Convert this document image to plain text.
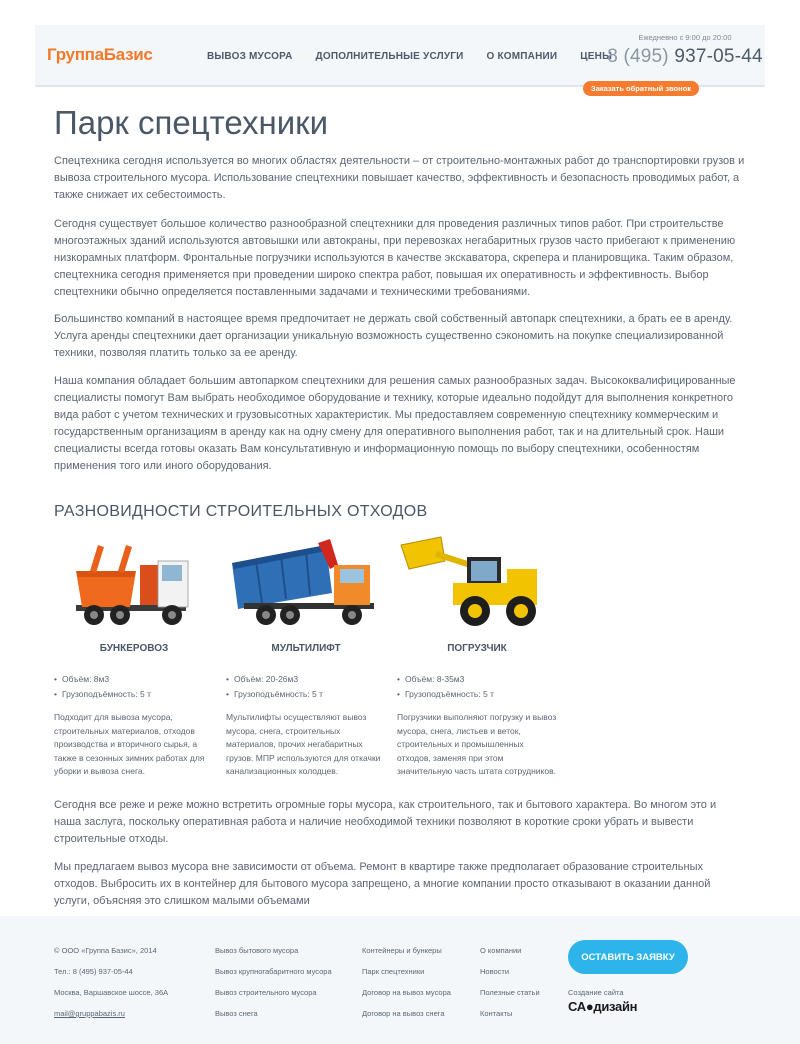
ГруппаБазис	ВЫВОЗ МУСОРА ДОПОЛНИТЕЛЬНЫЕ УСЛУГИ О КОМПАНИИ ЦЕНЫ
Ежедневно с 9:00 до 20:00
8 (495) 937-05-44
Заказать обратный звонок
Парк спецтехники

Спецтехника сегодня используется во многих областях деятельности – от строительно-монтажных работ до транспортировки грузов и вывоза строительного мусора. Использование спецтехники повышает качество, эффективность и безопасность проводимых работ, а также снижает их себестоимость.

Сегодня существует большое количество разнообразной спецтехники для проведения различных типов работ. При строительстве многоэтажных зданий используются автовышки или автокраны, при перевозках негабаритных грузов часто прибегают к применению низкорамных платформ. Фронтальные погрузчики используются в качестве экскаватора, скрепера и планировщика. Таким образом, спецтехника сегодня применяется при проведении широко спектра работ, повышая их оперативность и эффективность. Выбор спецтехники обычно определяется поставленными задачами и техническими требованиями.

Большинство компаний в настоящее время предпочитает не держать свой собственный автопарк спецтехники, а брать ее в аренду. Услуга аренды спецтехники дает организации уникальную возможность существенно сэкономить на покупке специализированной техники, позволяя платить только за ее аренду.

Наша компания обладает большим автопарком спецтехники для решения самых разнообразных задач. Высококвалифицированные специалисты помогут Вам выбрать необходимое оборудование и технику, которые идеально подойдут для выполнения конкретного вида работ с учетом технических и грузовысотных характеристик. Мы предоставляем современную спецтехнику коммерческим и государственным организациям в аренду как на одну смену для оперативного выполнения работ, так и на длительный срок. Наши специалисты всегда готовы оказать Вам консультативную и информационную помощь по выбору спецтехники, особенностям применения того или иного оборудования.

РАЗНОВИДНОСТИ СТРОИТЕЛЬНЫХ ОТХОДОВ
БУНКЕРОВОЗ
• Объём: 8м3
• Грузоподъёмность: 5 т
Подходит для вывоза мусора, строительных материалов, отходов производства и вторичного сырья, а также в сезонных зимних работах для уборки и вывоза снега.
МУЛЬТИЛИФТ
• Объём: 20-26м3
• Грузоподъёмность: 5 т
Мультилифты осуществляют вывоз мусора, снега, строительных материалов, прочих негабаритных грузов. МПР используются для откачки канализационных колодцев.
ПОГРУЗЧИК
• Объём: 8-35м3
• Грузоподъёмность: 5 т
Погрузчики выполняют погрузку и вывоз мусора, снега, листьев и веток, строительных и промышленных отходов, заменяя при этом значительную часть штата сотрудников.

Сегодня все реже и реже можно встретить огромные горы мусора, как строительного, так и бытового характера. Во многом это и наша заслуга, поскольку оперативная работа и наличие необходимой техники позволяют в короткие сроки убрать и вывести строительные отходы.

Мы предлагаем вывоз мусора вне зависимости от объема. Ремонт в квартире также предполагает образование строительных отходов. Выбросить их в контейнер для бытового мусора запрещено, а многие компании просто отказывают в оказании данной услуги, объясняя это слишком малыми объемами

© ООО «Группа Базис», 2014
Тел.: 8 (495) 937-05-44
Москва, Варшавское шоссе, 36А
mail@gruppabazis.ru
Вывоз бытового мусора
Вывоз крупногабаритного мусора
Вывоз строительного мусора
Вывоз снега
Контейнеры и бункеры
Парк спецтехники
Договор на вывоз мусора
Договор на вывоз снега
О компании
Новости
Полезные статьи
Контакты
ОСТАВИТЬ ЗАЯВКУ
Создание сайта
СА●дизайн
